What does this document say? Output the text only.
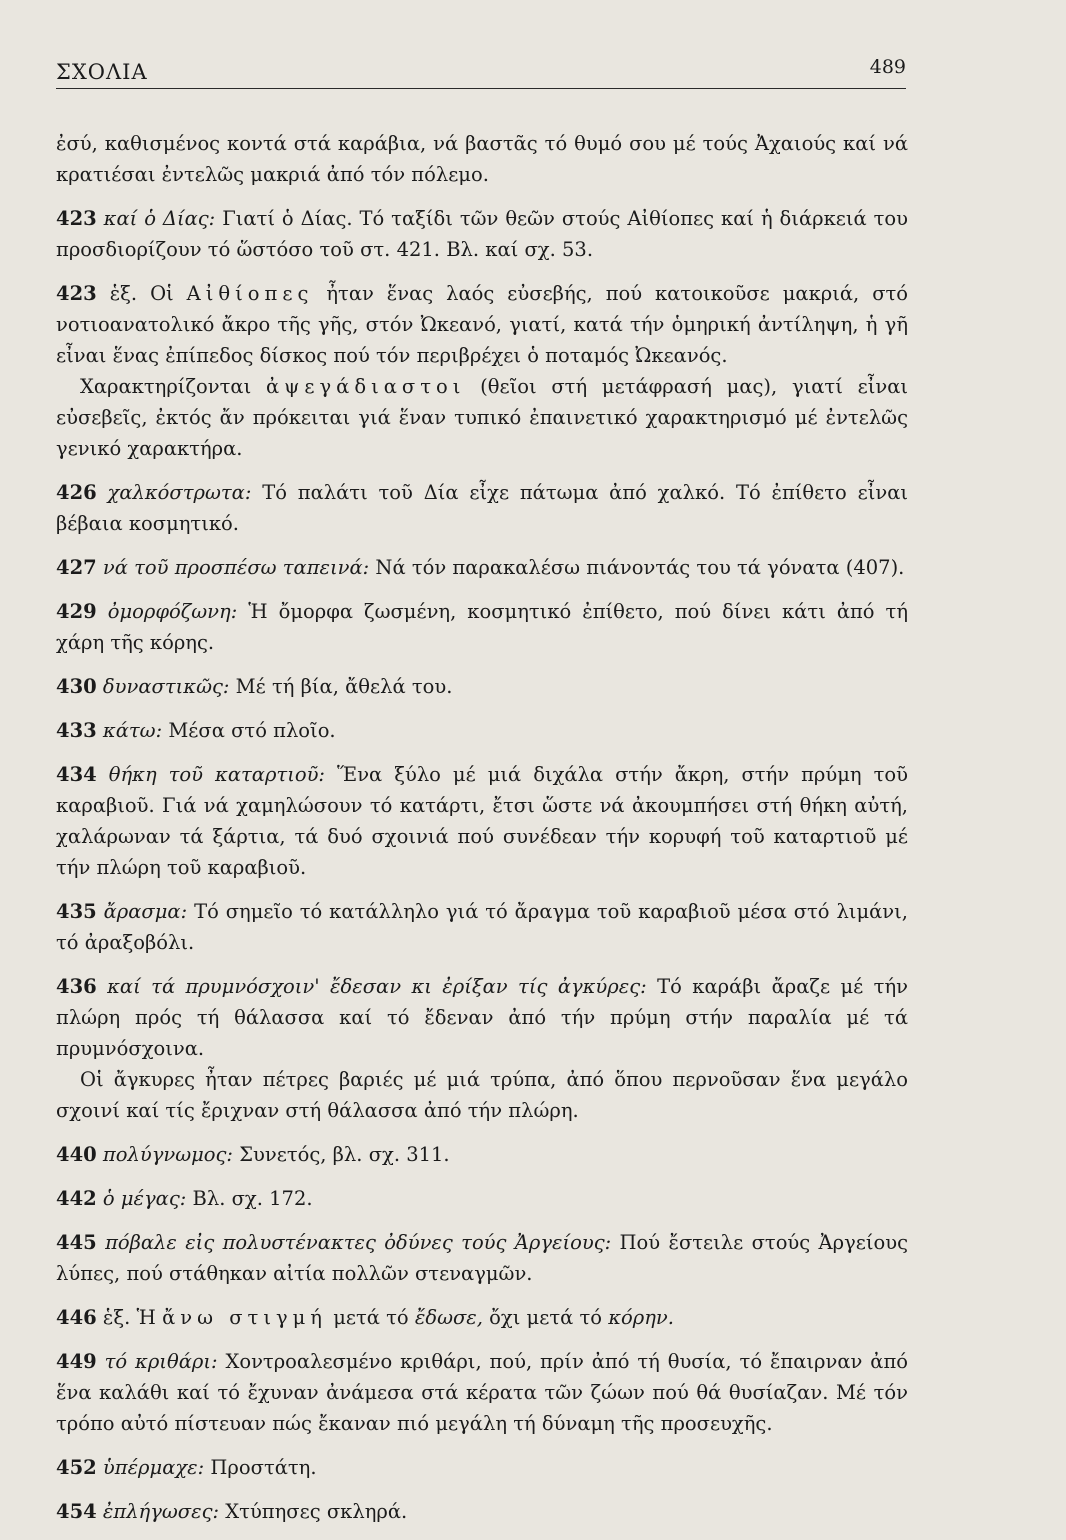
ΣΧΟΛΙΑ	489

ἐσύ, καθισμένος κοντά στά καράβια, νά βαστᾶς τό θυμό σου μέ τούς Ἀχαιούς καί νά κρατιέσαι ἐντελῶς μακριά ἀπό τόν πόλεμο.

423 καί ὁ Δίας: Γιατί ὁ Δίας. Τό ταξίδι τῶν θεῶν στούς Αἰθίοπες καί ἡ διάρκειά του προσδιορίζουν τό ὥστόσο τοῦ στ. 421. Βλ. καί σχ. 53.

423 ἑξ. Οἱ Αἰθίοπες ἦταν ἕνας λαός εὐσεβής, πού κατοικοῦσε μακριά, στό νοτιοανατολικό ἄκρο τῆς γῆς, στόν Ὠκεανό, γιατί, κατά τήν ὁμηρική ἀντίληψη, ἡ γῆ εἶναι ἕνας ἐπίπεδος δίσκος πού τόν περιβρέχει ὁ ποταμός Ὠκεανός.

Χαρακτηρίζονται ἀψεγάδιαστοι (θεῖοι στή μετάφρασή μας), γιατί εἶναι εὐσεβεῖς, ἐκτός ἄν πρόκειται γιά ἕναν τυπικό ἐπαινετικό χαρακτηρισμό μέ ἐντελῶς γενικό χαρακτήρα.

426 χαλκόστρωτα: Τό παλάτι τοῦ Δία εἶχε πάτωμα ἀπό χαλκό. Τό ἐπίθετο εἶναι βέβαια κοσμητικό.

427 νά τοῦ προσπέσω ταπεινά: Νά τόν παρακαλέσω πιάνοντάς του τά γόνατα (407).

429 ὀμορφόζωνη: Ἡ ὄμορφα ζωσμένη, κοσμητικό ἐπίθετο, πού δίνει κάτι ἀπό τή χάρη τῆς κόρης.

430 δυναστικῶς: Μέ τή βία, ἄθελά του.

433 κάτω: Μέσα στό πλοῖο.

434 θήκη τοῦ καταρτιοῦ: Ἕνα ξύλο μέ μιά διχάλα στήν ἄκρη, στήν πρύμη τοῦ καραβιοῦ. Γιά νά χαμηλώσουν τό κατάρτι, ἔτσι ὥστε νά ἀκουμπήσει στή θήκη αὐτή, χαλάρωναν τά ξάρτια, τά δυό σχοινιά πού συνέδεαν τήν κορυφή τοῦ καταρτιοῦ μέ τήν πλώρη τοῦ καραβιοῦ.

435 ἄρασμα: Τό σημεῖο τό κατάλληλο γιά τό ἄραγμα τοῦ καραβιοῦ μέσα στό λιμάνι, τό ἀραξοβόλι.

436 καί τά πρυμνόσχοιν' ἔδεσαν κι ἐρίξαν τίς ἀγκύρες: Τό καράβι ἄραζε μέ τήν πλώρη πρός τή θάλασσα καί τό ἔδεναν ἀπό τήν πρύμη στήν παραλία μέ τά πρυμνόσχοινα.

Οἱ ἄγκυρες ἦταν πέτρες βαριές μέ μιά τρύπα, ἀπό ὅπου περνοῦσαν ἕνα μεγάλο σχοινί καί τίς ἔριχναν στή θάλασσα ἀπό τήν πλώρη.

440 πολύγνωμος: Συνετός, βλ. σχ. 311.

442 ὁ μέγας: Βλ. σχ. 172.

445 πόβαλε εἰς πολυστένακτες ὀδύνες τούς Ἀργείους: Πού ἔστειλε στούς Ἀργείους λύπες, πού στάθηκαν αἰτία πολλῶν στεναγμῶν.

446 ἑξ. Ἡ ἄνω στιγμή μετά τό ἔδωσε, ὄχι μετά τό κόρην.

449 τό κριθάρι: Χοντροαλεσμένο κριθάρι, πού, πρίν ἀπό τή θυσία, τό ἔπαιρναν ἀπό ἕνα καλάθι καί τό ἔχυναν ἀνάμεσα στά κέρατα τῶν ζώων πού θά θυσίαζαν. Μέ τόν τρόπο αὐτό πίστευαν πώς ἔκαναν πιό μεγάλη τή δύναμη τῆς προσευχῆς.

452 ὑπέρμαχε: Προστάτη.

454 ἐπλήγωσες: Χτύπησες σκληρά.
